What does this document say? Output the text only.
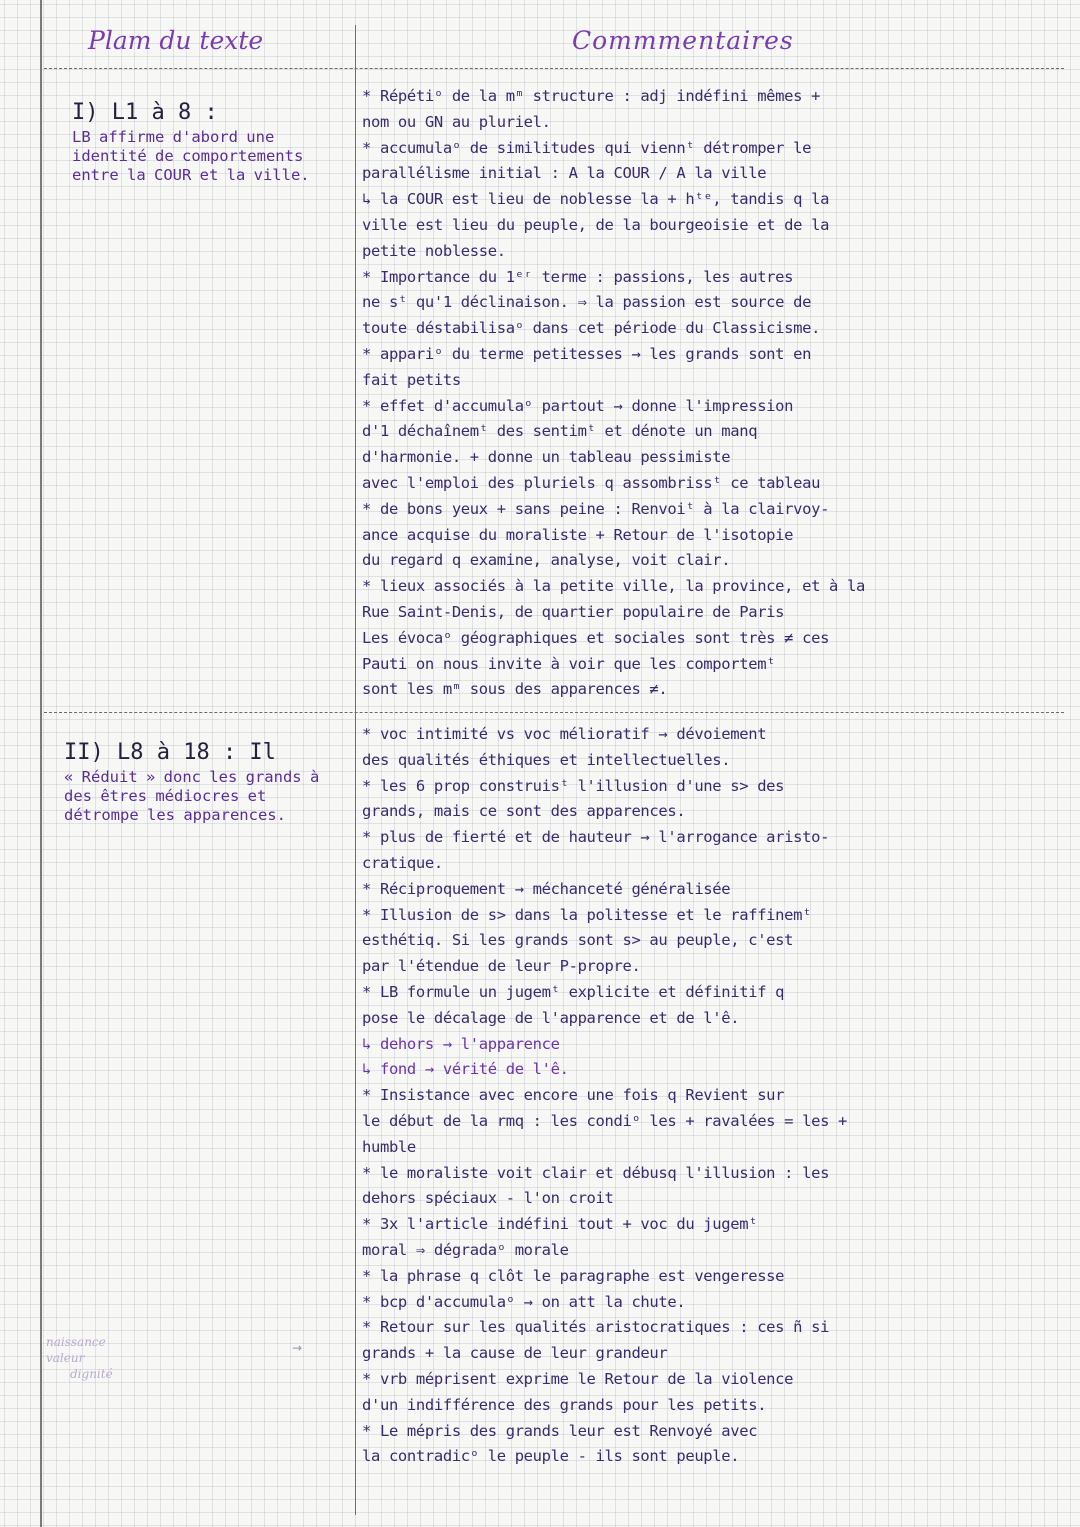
Plam du texte	Commmentaires
I) L1 à 8 :
LB affirme d'abord une identité de comportements entre la COUR et la ville.
* Répétiᵒ de la mᵐ structure : adj indéfini mêmes +
nom ou GN au pluriel.
* accumulaᵒ de similitudes qui viennᵗ détromper le
parallélisme initial : A la COUR / A la ville
↳ la COUR est lieu de noblesse la + hᵗᵉ, tandis q la
ville est lieu du peuple, de la bourgeoisie et de la
petite noblesse.
* Importance du 1ᵉʳ terme : passions, les autres
ne sᵗ qu'1 déclinaison. ⇒ la passion est source de
toute déstabilisaᵒ dans cet période du Classicisme.
* appariᵒ du terme petitesses → les grands sont en
fait petits
* effet d'accumulaᵒ partout → donne l'impression
d'1 déchaînemᵗ des sentimᵗ et dénote un manq
d'harmonie. + donne un tableau pessimiste
avec l'emploi des pluriels q assombrissᵗ ce tableau
* de bons yeux + sans peine : Renvoiᵗ à la clairvoy-
ance acquise du moraliste + Retour de l'isotopie
du regard q examine, analyse, voit clair.
* lieux associés à la petite ville, la province, et à la
Rue Saint-Denis, de quartier populaire de Paris
Les évocaᵒ géographiques et sociales sont très ≠ ces
Pauti on nous invite à voir que les comportemᵗ
sont les mᵐ sous des apparences ≠.
II) L8 à 18 : Il
« Réduit » donc les grands à des êtres médiocres et détrompe les apparences.
* voc intimité vs voc mélioratif → dévoiement
des qualités éthiques et intellectuelles.
* les 6 prop construisᵗ l'illusion d'une s> des
grands, mais ce sont des apparences.
* plus de fierté et de hauteur → l'arrogance aristo-
cratique.
* Réciproquement → méchanceté généralisée
* Illusion de s> dans la politesse et le raffinemᵗ
esthétiq. Si les grands sont s> au peuple, c'est
par l'étendue de leur P-propre.
* LB formule un jugemᵗ explicite et définitif q
pose le décalage de l'apparence et de l'ê.
↳ dehors → l'apparence
↳ fond → vérité de l'ê.
* Insistance avec encore une fois q Revient sur
le début de la rmq : les condiᵒ les + ravalées = les +
humble
* le moraliste voit clair et débusq l'illusion : les
dehors spéciaux - l'on croit
* 3x l'article indéfini tout + voc du jugemᵗ
moral ⇒ dégradaᵒ morale
* la phrase q clôt le paragraphe est vengeresse
* bcp d'accumulaᵒ → on att la chute.
* Retour sur les qualités aristocratiques : ces ñ si
grands + la cause de leur grandeur
* vrb méprisent exprime le Retour de la violence
d'un indifférence des grands pour les petits.
* Le mépris des grands leur est Renvoyé avec
la contradicᵒ le peuple - ils sont peuple.
naissance
valeur
dignité
→
